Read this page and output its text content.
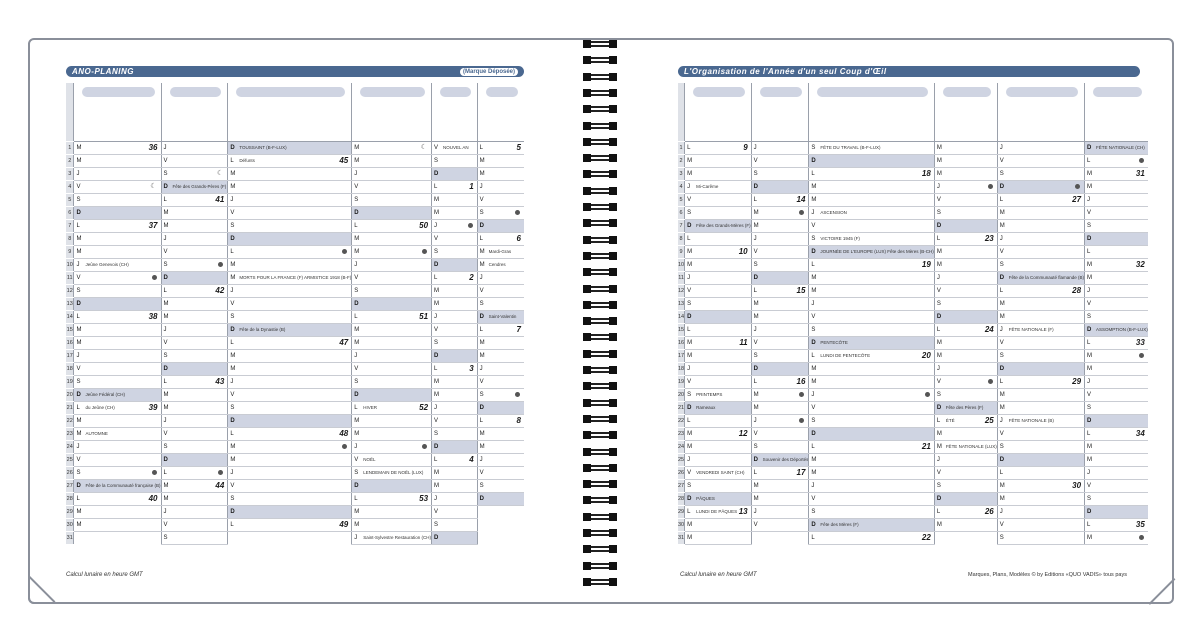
ANO-PLANING	(Marque Déposée)

1	M 36	J	D TOUSSAINT (B-F-LUX)	M ☾	V NOUVEL AN	L 5

2	M	V	L Défunts 45	M	S	M
3	J	S ☾	M	J	D	M
4	V ☾	D Fête des Grands-Pères (F)	M	V	L 1	J
5	S	L 41	J	S	M	V
6	D	M	V	D	M	S

7	L 37	M	S	L 50	J	D
8	M	J	D	M	V	L 6

9	M	V	L	M	S	M Mardi-Gras
10	J Jeûne Genevois (CH)	S	M	J	D	M Cendres
11	V	D	M MORTS POUR LA FRANCE (F) ARMISTICE 1918 (B-F)	V	L 2	J
12	S	L 42	J	S	M	V
13	D	M	V	D	M	S
14	L 38	M	S	L 51	J	D Saint-Valentin
15	M	J	D Fête de la Dynastie (B)	M	V	L 7

16	M	V	L 47	M	S	M
17	J	S	M	J	D	M
18	V	D	M	V	L 3	J
19	S	L 43	J	S	M	V
20	D Jeûne Fédéral (CH)	M	V	D	M	S

21	L du Jeûne (CH) 39	M	S	L HIVER 52	J	D
22	M	J	D	M	V	L 8

23	M AUTOMNE	V	L 48	M	S	M
24	J	S	M	J	D	M
25	V	D	M	V NOËL	L 4	J
26	S	L	J	S LENDEMAIN DE NOËL (LUX)	M	V
27	D Fête de la Communauté française (B)	M 44	V	D	M	S
28	L 40	M	S	L 53	J	D
29	M	J	D	M	V	
30	M	V	L 49	M	S	
31		S		J Saint-Sylvestre Restauration (CH)	D	
L'Organisation de l'Année d'un seul Coup d'Œil

1	L 9	J	S FÊTE DU TRAVAIL (B-F-LUX)	M	J	D FÊTE NATIONALE (CH)
2	M	V	D	M	V	L

3	M	S	L 18	M	S	M 31

4	J Mi-Carême	D	M	J	D	M
5	V	L 14	M	V	L 27	J
6	S	M	J ASCENSION	S	M	V
7	D Fête des Grands-Mères (F)	M	V	D	M	S
8	L	J	S VICTOIRE 1945 (F)	L 23	J	D
9	M 10	V	D JOURNÉE DE L'EUROPE (LUX) Fête des Mères (B-CH)	M	V	L
10	M	S	L 19	M	S	M 32

11	J	D	M	J	D Fête de la Communauté flamande (B)	M
12	V	L 15	M	V	L 28	J
13	S	M	J	S	M	V
14	D	M	V	D	M	S
15	L	J	S	L 24	J FÊTE NATIONALE (F)	D ASSOMPTION (B-F-LUX)
16	M 11	V	D PENTECÔTE	M	V	L 33

17	M	S	L LUNDI DE PENTECÔTE 20	M	S	M

18	J	D	M	J	D	M
19	V	L 16	M	V	L 29	J
20	S PRINTEMPS	M	J	S	M	V
21	D Rameaux	M	V	D Fête des Pères (F)	M	S
22	L	J	S	L ÉTÉ 25	J FÊTE NATIONALE (B)	D
23	M 12	V	D	M	V	L 34

24	M	S	L 21	M FÊTE NATIONALE (LUX)	S	M
25	J	D Souvenir des Déportés	M	J	D	M
26	V VENDREDI SAINT (CH)	L 17	M	V	L	J
27	S	M	J	S	M 30	V
28	D PÂQUES	M	V	D	M	S
29	L LUNDI DE PÂQUES 13	J	S	L 26	J	D
30	M	V	D Fête des Mères (F)	M	V	L 35

31	M		L 22		S	M
Calcul lunaire en heure GMT	Calcul lunaire en heure GMT	Marques, Plans, Modèles © by Editions «QUO VADIS» tous pays
